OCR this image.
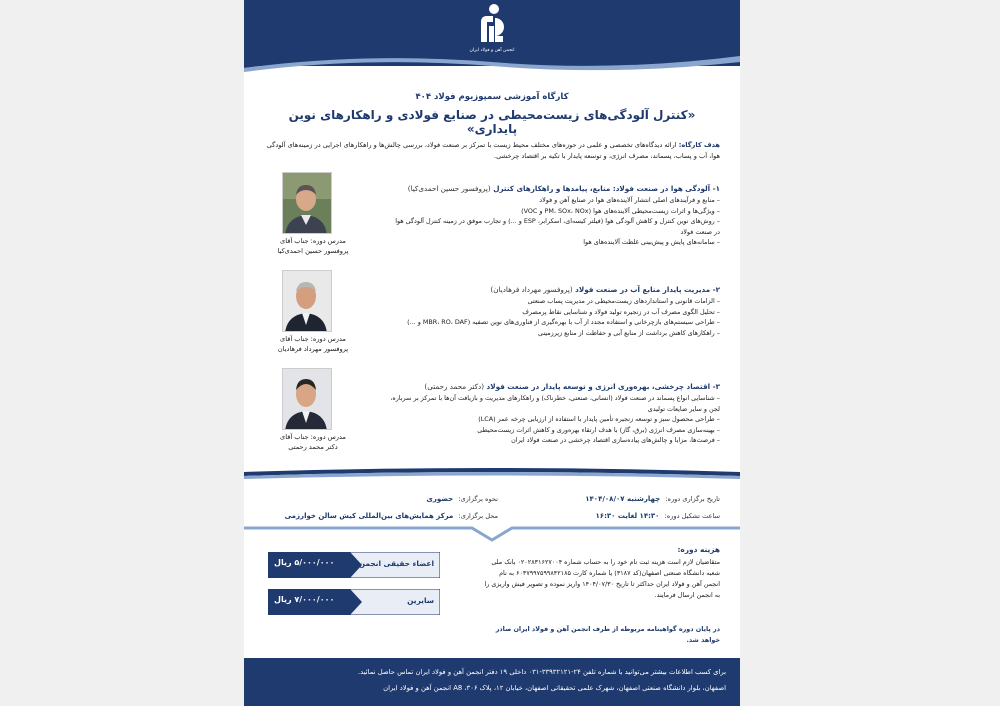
انجمن آهن و فولاد ایران
کارگاه آموزشی سمپوزیوم فولاد ۴۰۴
«کنترل آلودگی‌های زیست‌محیطی در صنایع فولادی و راهکارهای نوین پایداری»
هدف کارگاه: ارائه دیدگاه‌های تخصصی و علمی در حوزه‌های مختلف محیط زیست با تمرکز بر صنعت فولاد، بررسی چالش‌ها و راهکارهای اجرایی در زمینه‌های آلودگی هوا، آب و پساب، پسماند، مصرف انرژی، و توسعه پایدار با تکیه بر اقتصاد چرخشی.
۱- آلودگی هوا در صنعت فولاد: منابع، پیامدها و راهکارهای کنترل (پروفسور حسین احمدی‌کیا)
– منابع و فرآیندهای اصلی انتشار آلاینده‌های هوا در صنایع آهن و فولاد
– ویژگی‌ها و اثرات زیست‌محیطی آلاینده‌های هوا (PM، SOx، NOx و VOC)
– روش‌های نوین کنترل و کاهش آلودگی هوا (فیلتر کیسه‌ای، اسکرابر، ESP و ...) و تجارب موفق در زمینه کنترل آلودگی هوا در صنعت فولاد
– سامانه‌های پایش و پیش‌بینی غلظت آلاینده‌های هوا
۲- مدیریت پایدار منابع آب در صنعت فولاد (پروفسور مهرداد فرهادیان)
– الزامات قانونی و استانداردهای زیست‌محیطی در مدیریت پساب صنعتی
– تحلیل الگوی مصرف آب در زنجیره تولید فولاد و شناسایی نقاط پرمصرف
– طراحی سیستم‌های بازچرخانی و استفاده مجدد از آب با بهره‌گیری از فناوری‌های نوین تصفیه (MBR، RO، DAF و ...)
– راهکارهای کاهش برداشت از منابع آبی و حفاظت از منابع زیرزمینی
۳- اقتصاد چرخشی، بهره‌وری انرژی و توسعه پایدار در صنعت فولاد (دکتر محمد رحمتی)
– شناسایی انواع پسماند در صنعت فولاد (انسانی، صنعتی، خطرناک) و راهکارهای مدیریت و بازیافت آن‌ها با تمرکز بر سرباره، لجن و سایر ضایعات تولیدی
– طراحی محصول سبز و توسعه زنجیره تأمین پایدار با استفاده از ارزیابی چرخه عمر (LCA)
– بهینه‌سازی مصرف انرژی (برق، گاز) با هدف ارتقاء بهره‌وری و کاهش اثرات زیست‌محیطی
– فرصت‌ها، مزایا و چالش‌های پیاده‌سازی اقتصاد چرخشی در صنعت فولاد ایران
مدرس دوره: جناب آقای
پروفسور حسین احمدی‌کیا
مدرس دوره: جناب آقای
پروفسور مهرداد فرهادیان
مدرس دوره: جناب آقای
دکتر محمد رحمتی
تاریخ برگزاری دوره: چهارشنبه ۱۴۰۴/۰۸/۰۷
ساعت تشکیل دوره: ۱۴:۳۰ لغایت ۱۶:۳۰
نحوه برگزاری: حضوری
محل برگزاری: مرکز همایش‌های بین‌المللی کیش سالن خوارزمی
هزینه دوره:
اعضاء حقیقی انجمن
۵/۰۰۰/۰۰۰ ریال
سایرین
۷/۰۰۰/۰۰۰ ریال
متقاضیان لازم است هزینه ثبت نام خود را به حساب شماره ۰۲۰۲۸۳۱۶۲۷۰۰۴ بانک ملی شعبه دانشگاه صنعتی اصفهان(کد ۳۱۸۷) یا شماره کارت ۶۰۳۷۹۹۷۵۹۹۸۴۲۱۸۵ به نام انجمن آهن و فولاد ایران حداکثر تا تاریخ ۱۴۰۴/۰۷/۳۰ واریز نموده و تصویر فیش واریزی را به انجمن ارسال فرمایند.
در پایان دوره گواهینامه مربوطه از طرف انجمن آهن و فولاد ایران صادر خواهد شد.
برای کسب اطلاعات بیشتر می‌توانید با شماره تلفن ۲۴-۳۳۹۳۲۱۲۱-۰۳۱ داخلی ۱۹ دفتر انجمن آهن و فولاد ایران تماس حاصل نمائید.
اصفهان، بلوار دانشگاه صنعتی اصفهان، شهرک علمی تحقیقاتی اصفهان، خیابان ۱۲، پلاک ۳۰۶، A8 انجمن آهن و فولاد ایران
